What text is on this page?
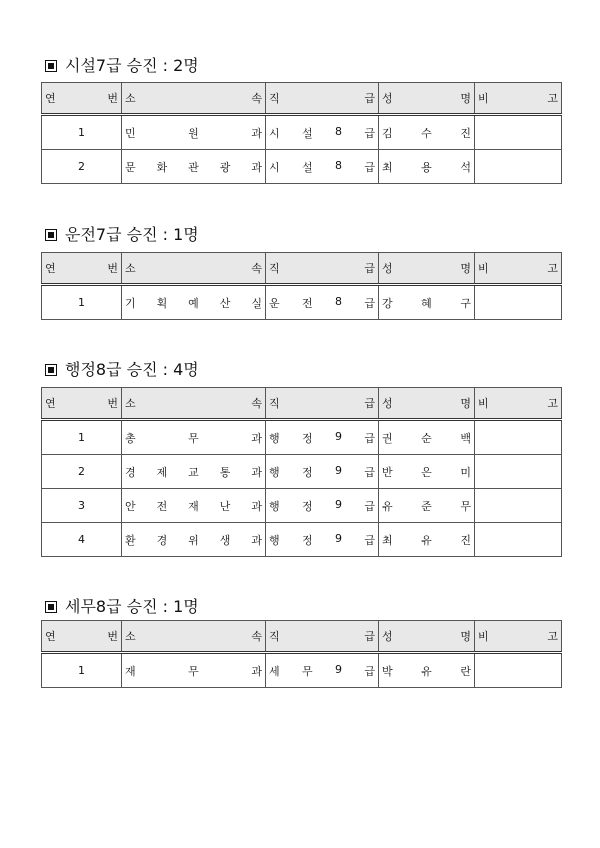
시설7급 승진 : 2명
연 번	소 속	직 급	성 명	비 고

1	민 원 과	시 설 8 급	김 수 진	

2	문 화 관 광 과	시 설 8 급	최 용 석	

운전7급 승진 : 1명
연 번	소 속	직 급	성 명	비 고

1	기 획 예 산 실	운 전 8 급	강 혜 구	

행정8급 승진 : 4명
연 번	소 속	직 급	성 명	비 고

1	총 무 과	행 정 9 급	권 순 백	

2	경 제 교 통 과	행 정 9 급	반 은 미	

3	안 전 재 난 과	행 정 9 급	유 준 무	

4	환 경 위 생 과	행 정 9 급	최 유 진	

세무8급 승진 : 1명
연 번	소 속	직 급	성 명	비 고

1	재 무 과	세 무 9 급	박 유 란	
